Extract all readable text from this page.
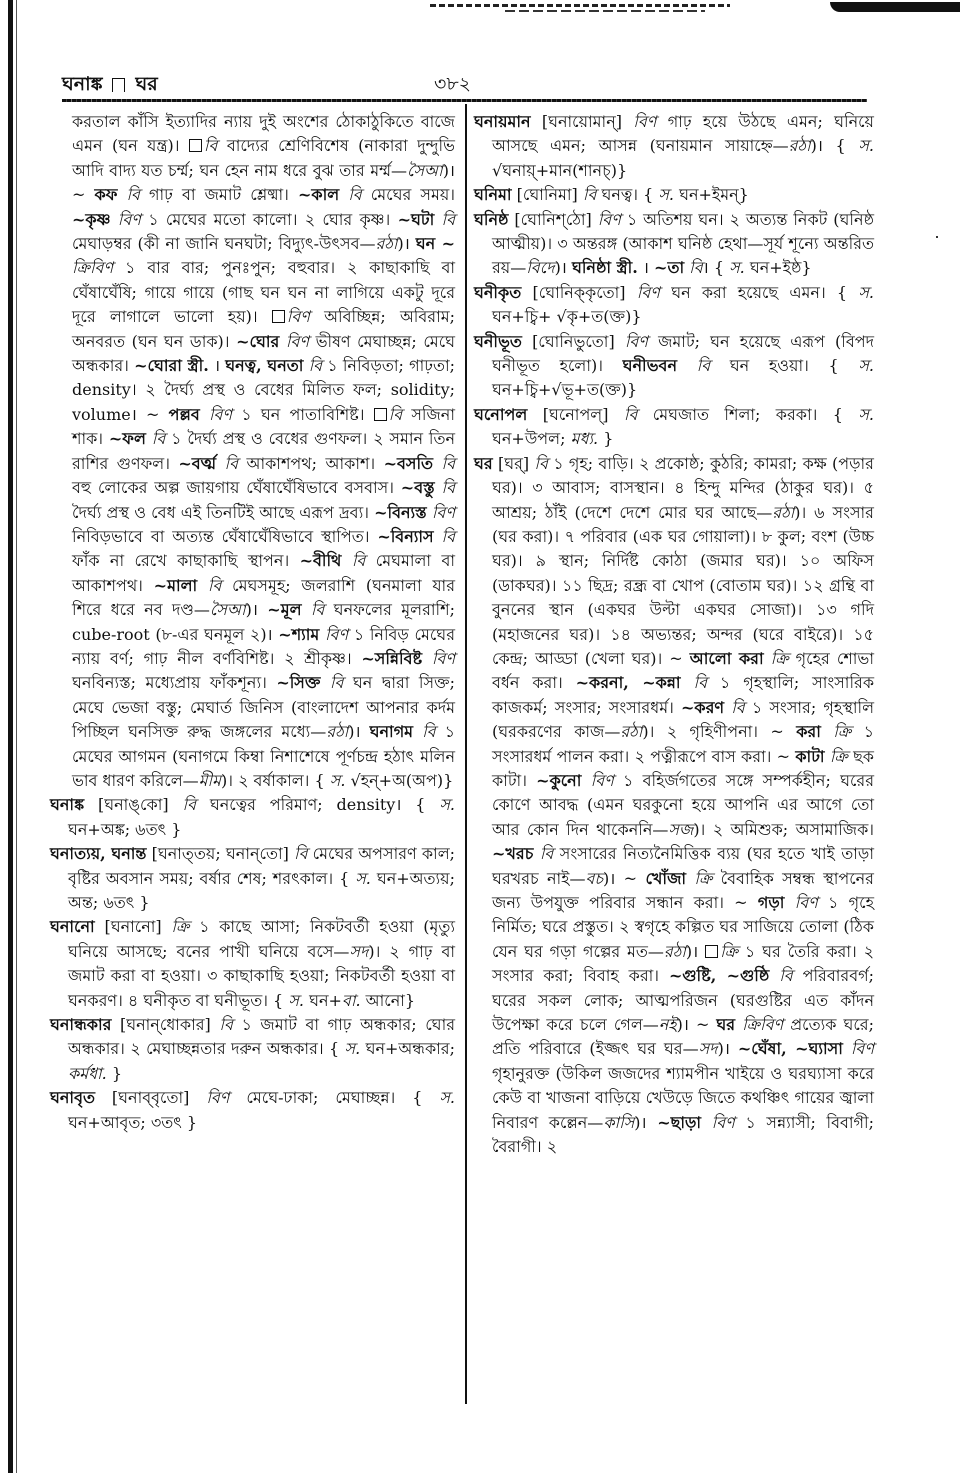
ঘনাঙ্ক ঘর	৩৮২
করতাল কাঁসি ইত্যাদির ন্যায় দুই অংশের ঠোকাঠুকিতে বাজে এমন (ঘন যন্ত্র)। বি বাদ্যের শ্রেণিবিশেষ (নাকারা দুন্দুভি আদি বাদ্য যত চর্ম্ম; ঘন হেন নাম ধরে বুঝ তার মর্ম্ম—সৈআ)। ~ কফ বি গাঢ় বা জমাট শ্লেষ্মা। ~কাল বি মেঘের সময়। ~কৃষ্ণ বিণ ১ মেঘের মতো কালো। ২ ঘোর কৃষ্ণ। ~ঘটা বি মেঘাড়ম্বর (কী না জানি ঘনঘটা; বিদ্যুৎ-উৎসব—রঠা)। ঘন ~ ক্রিবিণ ১ বার বার; পুনঃপুন; বহুবার। ২ কাছাকাছি বা ঘেঁষাঘেঁষি; গায়ে গায়ে (গাছ ঘন ঘন না লাগিয়ে একটু দূরে দূরে লাগালে ভালো হয়)। বিণ অবিচ্ছিন্ন; অবিরাম; অনবরত (ঘন ঘন ডাক)। ~ঘোর বিণ ভীষণ মেঘাচ্ছন্ন; মেঘে অন্ধকার। ~ঘোরা স্ত্রী. । ঘনত্ব, ঘনতা বি ১ নিবিড়তা; গাঢ়তা; density। ২ দৈর্ঘ্য প্রস্থ ও বেধের মিলিত ফল; solidity; volume। ~ পল্লব বিণ ১ ঘন পাতাবিশিষ্ট। বি সজিনা শাক। ~ফল বি ১ দৈর্ঘ্য প্রস্থ ও বেধের গুণফল। ২ সমান তিন রাশির গুণফল। ~বর্ত্ম বি আকাশপথ; আকাশ। ~বসতি বি বহু লোকের অল্প জায়গায় ঘেঁষাঘেঁষিভাবে বসবাস। ~বস্তু বি দৈর্ঘ্য প্রস্থ ও বেধ এই তিনটিই আছে এরূপ দ্রব্য। ~বিন্যস্ত বিণ নিবিড়ভাবে বা অত্যন্ত ঘেঁষাঘেঁষিভাবে স্থাপিত। ~বিন্যাস বি ফাঁক না রেখে কাছাকাছি স্থাপন। ~বীথি বি মেঘমালা বা আকাশপথ। ~মালা বি মেঘসমূহ; জলরাশি (ঘনমালা যার শিরে ধরে নব দণ্ড—সৈআ)। ~মূল বি ঘনফলের মূলরাশি; cube-root (৮-এর ঘনমূল ২)। ~শ্যাম বিণ ১ নিবিড় মেঘের ন্যায় বর্ণ; গাঢ় নীল বর্ণবিশিষ্ট। ২ শ্রীকৃষ্ণ। ~সন্নিবিষ্ট বিণ ঘনবিন্যস্ত; মধ্যেপ্রায় ফাঁকশূন্য। ~সিক্ত বি ঘন দ্বারা সিক্ত; মেঘে ভেজা বস্তু; মেঘার্ত জিনিস (বাংলাদেশ আপনার কর্দম পিচ্ছিল ঘনসিক্ত রুদ্ধ জঙ্গলের মধ্যে—রঠা)। ঘনাগম বি ১ মেঘের আগমন (ঘনাগমে কিম্বা নিশাশেষে পূর্ণচন্দ্র হঠাৎ মলিন ভাব ধারণ করিলে—মীম)। ২ বর্ষাকাল। { স. √হন্+অ(অপ)}
ঘনাঙ্ক [ঘনাঙ্‌কো] বি ঘনত্বের পরিমাণ; density। { স. ঘন+অঙ্ক; ৬তৎ }
ঘনাত্যয়, ঘনান্ত [ঘনাত্‌তয়; ঘনান্‌তো] বি মেঘের অপসারণ কাল; বৃষ্টির অবসান সময়; বর্ষার শেষ; শরৎকাল। { স. ঘন+অত্যয়; অন্ত; ৬তৎ }
ঘনানো [ঘনানো] ক্রি ১ কাছে আসা; নিকটবর্তী হওয়া (মৃত্যু ঘনিয়ে আসছে; বনের পাখী ঘনিয়ে বসে—সদ)। ২ গাঢ় বা জমাট করা বা হওয়া। ৩ কাছাকাছি হওয়া; নিকটবর্তী হওয়া বা ঘনকরণ। ৪ ঘনীকৃত বা ঘনীভূত। { স. ঘন+বা. আনো}
ঘনান্ধকার [ঘনান্‌ধোকার] বি ১ জমাট বা গাঢ় অন্ধকার; ঘোর অন্ধকার। ২ মেঘাচ্ছন্নতার দরুন অন্ধকার। { স. ঘন+অন্ধকার; কর্মধা. }
ঘনাবৃত [ঘনাব্‌বৃতো] বিণ মেঘে-ঢাকা; মেঘাচ্ছন্ন। { স. ঘন+আবৃত; ৩তৎ }
ঘনায়মান [ঘনায়োমান্] বিণ গাঢ় হয়ে উঠছে এমন; ঘনিয়ে আসছে এমন; আসন্ন (ঘনায়মান সায়াহ্নে—রঠা)। { স. √ঘনায়্‌+মান(শানচ্)}
ঘনিমা [ঘোনিমা] বি ঘনত্ব। { স. ঘন+ইমন্}
ঘনিষ্ঠ [ঘোনিশ্‌ঠো] বিণ ১ অতিশয় ঘন। ২ অত্যন্ত নিকট (ঘনিষ্ঠ আত্মীয়)। ৩ অন্তরঙ্গ (আকাশ ঘনিষ্ঠ হেথা—সূর্য শূন্যে অন্তরিত রয়—বিদে)। ঘনিষ্ঠা স্ত্রী. । ~তা বি। { স. ঘন+ইষ্ঠ}
ঘনীকৃত [ঘোনিক্‌কৃতো] বিণ ঘন করা হয়েছে এমন। { স. ঘন+চ্বি+ √কৃ+ত(ক্ত)}
ঘনীভূত [ঘোনিভুতো] বিণ জমাট; ঘন হয়েছে এরূপ (বিপদ ঘনীভূত হলো)। ঘনীভবন বি ঘন হওয়া। { স. ঘন+চ্বি+√ভূ+ত(ক্ত)}
ঘনোপল [ঘনোপল্] বি মেঘজাত শিলা; করকা। { স. ঘন+উপল; মধ্য. }
ঘর [ঘর্] বি ১ গৃহ; বাড়ি। ২ প্রকোষ্ঠ; কুঠরি; কামরা; কক্ষ (পড়ার ঘর)। ৩ আবাস; বাসস্থান। ৪ হিন্দু মন্দির (ঠাকুর ঘর)। ৫ আশ্রয়; ঠাঁই (দেশে দেশে মোর ঘর আছে—রঠা)। ৬ সংসার (ঘর করা)। ৭ পরিবার (এক ঘর গোয়ালা)। ৮ কুল; বংশ (উচ্চ ঘর)। ৯ স্থান; নির্দিষ্ট কোঠা (জমার ঘর)। ১০ অফিস (ডাকঘর)। ১১ ছিদ্র; রন্ধ্র বা খোপ (বোতাম ঘর)। ১২ গ্রন্থি বা বুননের স্থান (একঘর উল্টা একঘর সোজা)। ১৩ গদি (মহাজনের ঘর)। ১৪ অভ্যন্তর; অন্দর (ঘরে বাইরে)। ১৫ কেন্দ্র; আড্ডা (খেলা ঘর)। ~ আলো করা ক্রি গৃহের শোভা বর্ধন করা। ~করনা, ~কন্না বি ১ গৃহস্থালি; সাংসারিক কাজকর্ম; সংসার; সংসারধর্ম। ~করণ বি ১ সংসার; গৃহস্থালি (ঘরকরণের কাজ—রঠা)। ২ গৃহিণীপনা। ~ করা ক্রি ১ সংসারধর্ম পালন করা। ২ পত্নীরূপে বাস করা। ~ কাটা ক্রি ছক কাটা। ~কুনো বিণ ১ বহির্জগতের সঙ্গে সম্পর্কহীন; ঘরের কোণে আবদ্ধ (এমন ঘরকুনো হয়ে আপনি এর আগে তো আর কোন দিন থাকেননি—সজ)। ২ অমিশুক; অসামাজিক। ~খরচ বি সংসারের নিত্যনৈমিত্তিক ব্যয় (ঘর হতে খাই তাড়া ঘরখরচ নাই—বচ)। ~ খোঁজা ক্রি বৈবাহিক সম্বন্ধ স্থাপনের জন্য উপযুক্ত পরিবার সন্ধান করা। ~ গড়া বিণ ১ গৃহে নির্মিত; ঘরে প্রস্তুত। ২ স্বগৃহে কল্পিত ঘর সাজিয়ে তোলা (ঠিক যেন ঘর গড়া গল্পের মত—রঠা)। ক্রি ১ ঘর তৈরি করা। ২ সংসার করা; বিবাহ করা। ~গুষ্টি, ~গুষ্ঠি বি পরিবারবর্গ; ঘরের সকল লোক; আত্মপরিজন (ঘরগুষ্টির এত কাঁদন উপেক্ষা করে চলে গেল—নই)। ~ ঘর ক্রিবিণ প্রত্যেক ঘরে; প্রতি পরিবারে (ইজ্জৎ ঘর ঘর—সদ)। ~ঘেঁষা, ~ঘ্যাসা বিণ গৃহানুরক্ত (উকিল জজদের শ্যামপীন খাইয়ে ও ঘরঘ্যাসা করে কেউ বা খাজনা বাড়িয়ে খেউড়ে জিতে কথঞ্চিৎ গায়ের জ্বালা নিবারণ কল্লেন—কাসি)। ~ছাড়া বিণ ১ সন্ন্যাসী; বিবাগী; বৈরাগী। ২
